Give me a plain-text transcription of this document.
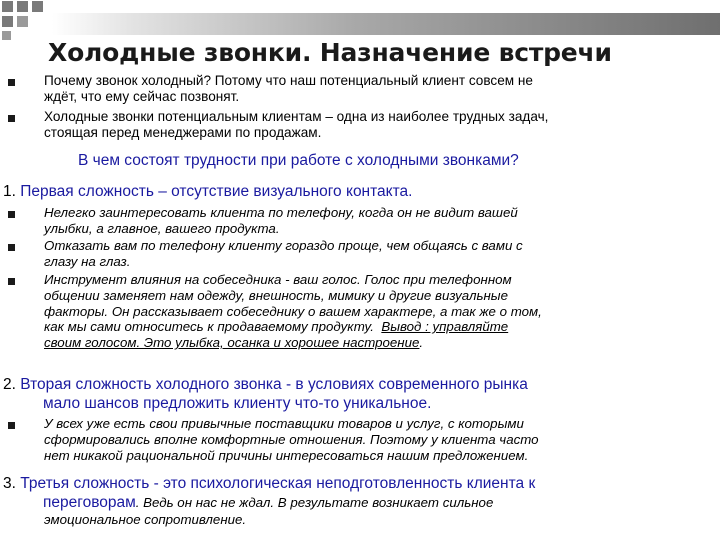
Холодные звонки. Назначение встречи
Почему звонок холодный? Потому что наш потенциальный клиент совсем не
ждёт, что ему сейчас позвонят.
Холодные звонки потенциальным клиентам – одна из наиболее трудных задач,
стоящая перед менеджерами по продажам.
В чем состоят трудности при работе с холодными звонками?
1. Первая сложность – отсутствие визуального контакта.
Нелегко заинтересовать клиента по телефону, когда он не видит вашей
улыбки, а главное, вашего продукта.
Отказать вам по телефону клиенту гораздо проще, чем общаясь с вами с
глазу на глаз.
Инструмент влияния на собеседника - ваш голос. Голос при телефонном
общении заменяет нам одежду, внешность, мимику и другие визуальные
факторы. Он рассказывает собеседнику о вашем характере, а так же о том,
как мы сами относитесь к продаваемому продукту. Вывод : управляйте
своим голосом. Это улыбка, осанка и хорошее настроение.
2. Вторая сложность холодного звонка - в условиях современного рынка
мало шансов предложить клиенту что-то уникальное.
У всех уже есть свои привычные поставщики товаров и услуг, с которыми
сформировались вполне комфортные отношения. Поэтому у клиента часто
нет никакой рациональной причины интересоваться нашим предложением.
3. Третья сложность - это психологическая неподготовленность клиента к
переговорам. Ведь он нас не ждал. В результате возникает сильное
эмоциональное сопротивление.
